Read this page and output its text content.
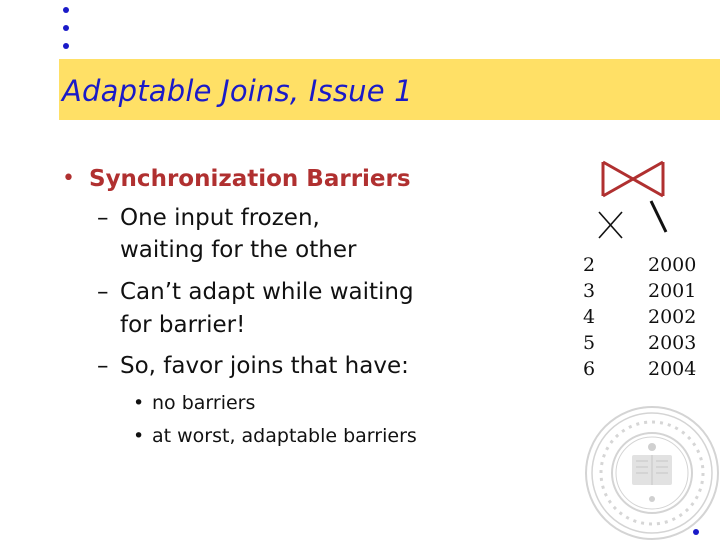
Adaptable Joins, Issue 1
• Synchronization Barriers
– One input frozen,
waiting for the other
– Can’t adapt while waiting
for barrier!
– So, favor joins that have:
• no barriers
• at worst, adaptable barriers
2
3
4
5
6
2000
2001
2002
2003
2004
